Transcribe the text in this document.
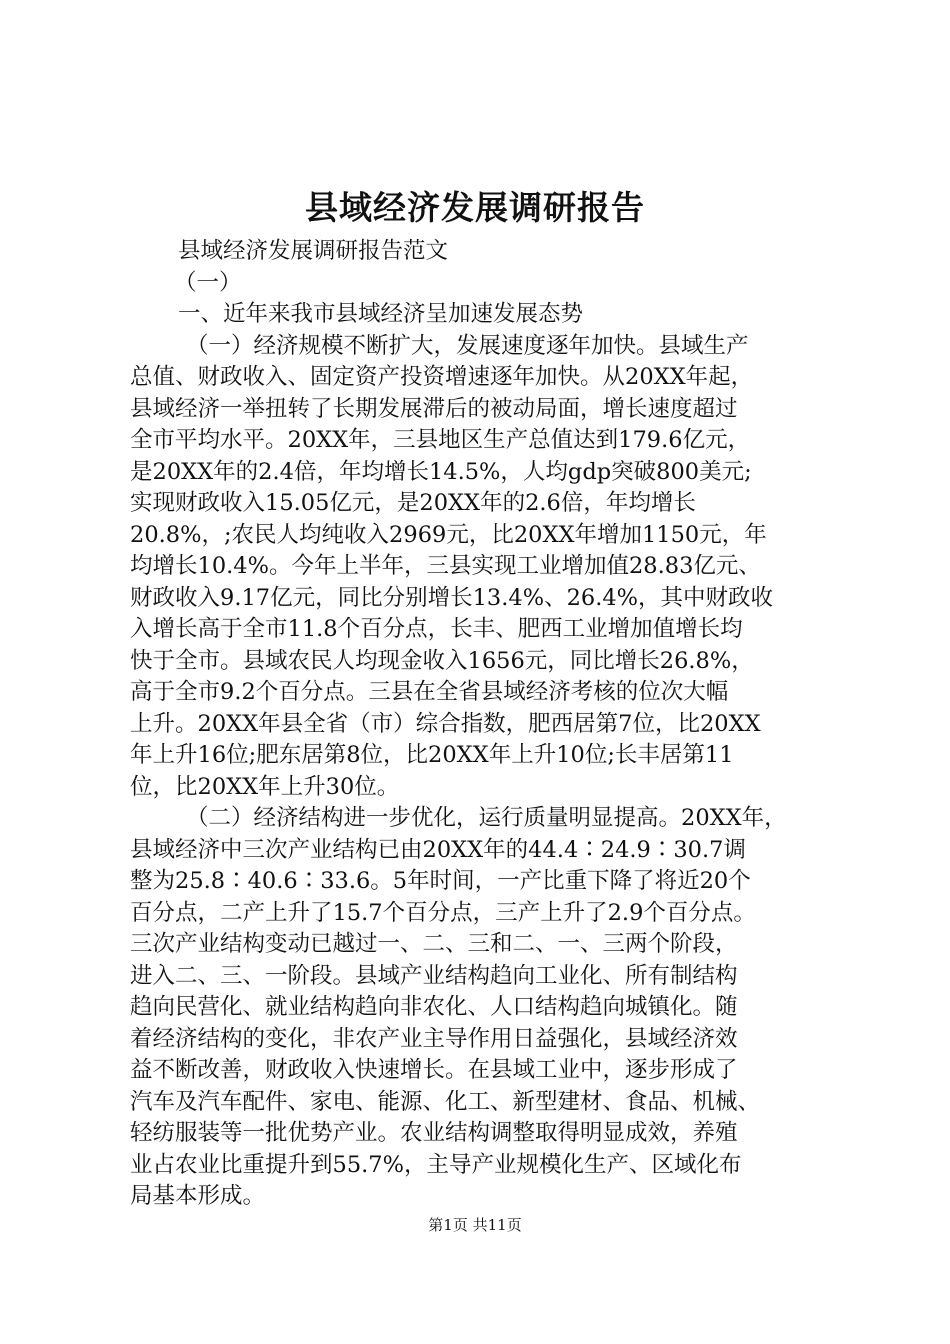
县域经济发展调研报告
县域经济发展调研报告范文
（一）
一、近年来我市县域经济呈加速发展态势
（一）经济规模不断扩大，发展速度逐年加快。县域生产
总值、财政收入、固定资产投资增速逐年加快。从20XX年起，
县域经济一举扭转了长期发展滞后的被动局面，增长速度超过
全市平均水平。20XX年，三县地区生产总值达到179.6亿元，
是20XX年的2.4倍，年均增长14.5%，人均gdp突破800美元;
实现财政收入15.05亿元，是20XX年的2.6倍，年均增长
20.8%，;农民人均纯收入2969元，比20XX年增加1150元，年
均增长10.4%。今年上半年，三县实现工业增加值28.83亿元、
财政收入9.17亿元，同比分别增长13.4%、26.4%，其中财政收
入增长高于全市11.8个百分点，长丰、肥西工业增加值增长均
快于全市。县域农民人均现金收入1656元，同比增长26.8%，
高于全市9.2个百分点。三县在全省县域经济考核的位次大幅
上升。20XX年县全省（市）综合指数，肥西居第7位，比20XX
年上升16位;肥东居第8位，比20XX年上升10位;长丰居第11
位，比20XX年上升30位。
（二）经济结构进一步优化，运行质量明显提高。20XX年，
县域经济中三次产业结构已由20XX年的44.4∶24.9∶30.7调
整为25.8∶40.6∶33.6。5年时间，一产比重下降了将近20个
百分点，二产上升了15.7个百分点，三产上升了2.9个百分点。
三次产业结构变动已越过一、二、三和二、一、三两个阶段，
进入二、三、一阶段。县域产业结构趋向工业化、所有制结构
趋向民营化、就业结构趋向非农化、人口结构趋向城镇化。随
着经济结构的变化，非农产业主导作用日益强化，县域经济效
益不断改善，财政收入快速增长。在县域工业中，逐步形成了
汽车及汽车配件、家电、能源、化工、新型建材、食品、机械、
轻纺服装等一批优势产业。农业结构调整取得明显成效，养殖
业占农业比重提升到55.7%，主导产业规模化生产、区域化布
局基本形成。
第1页 共11页
